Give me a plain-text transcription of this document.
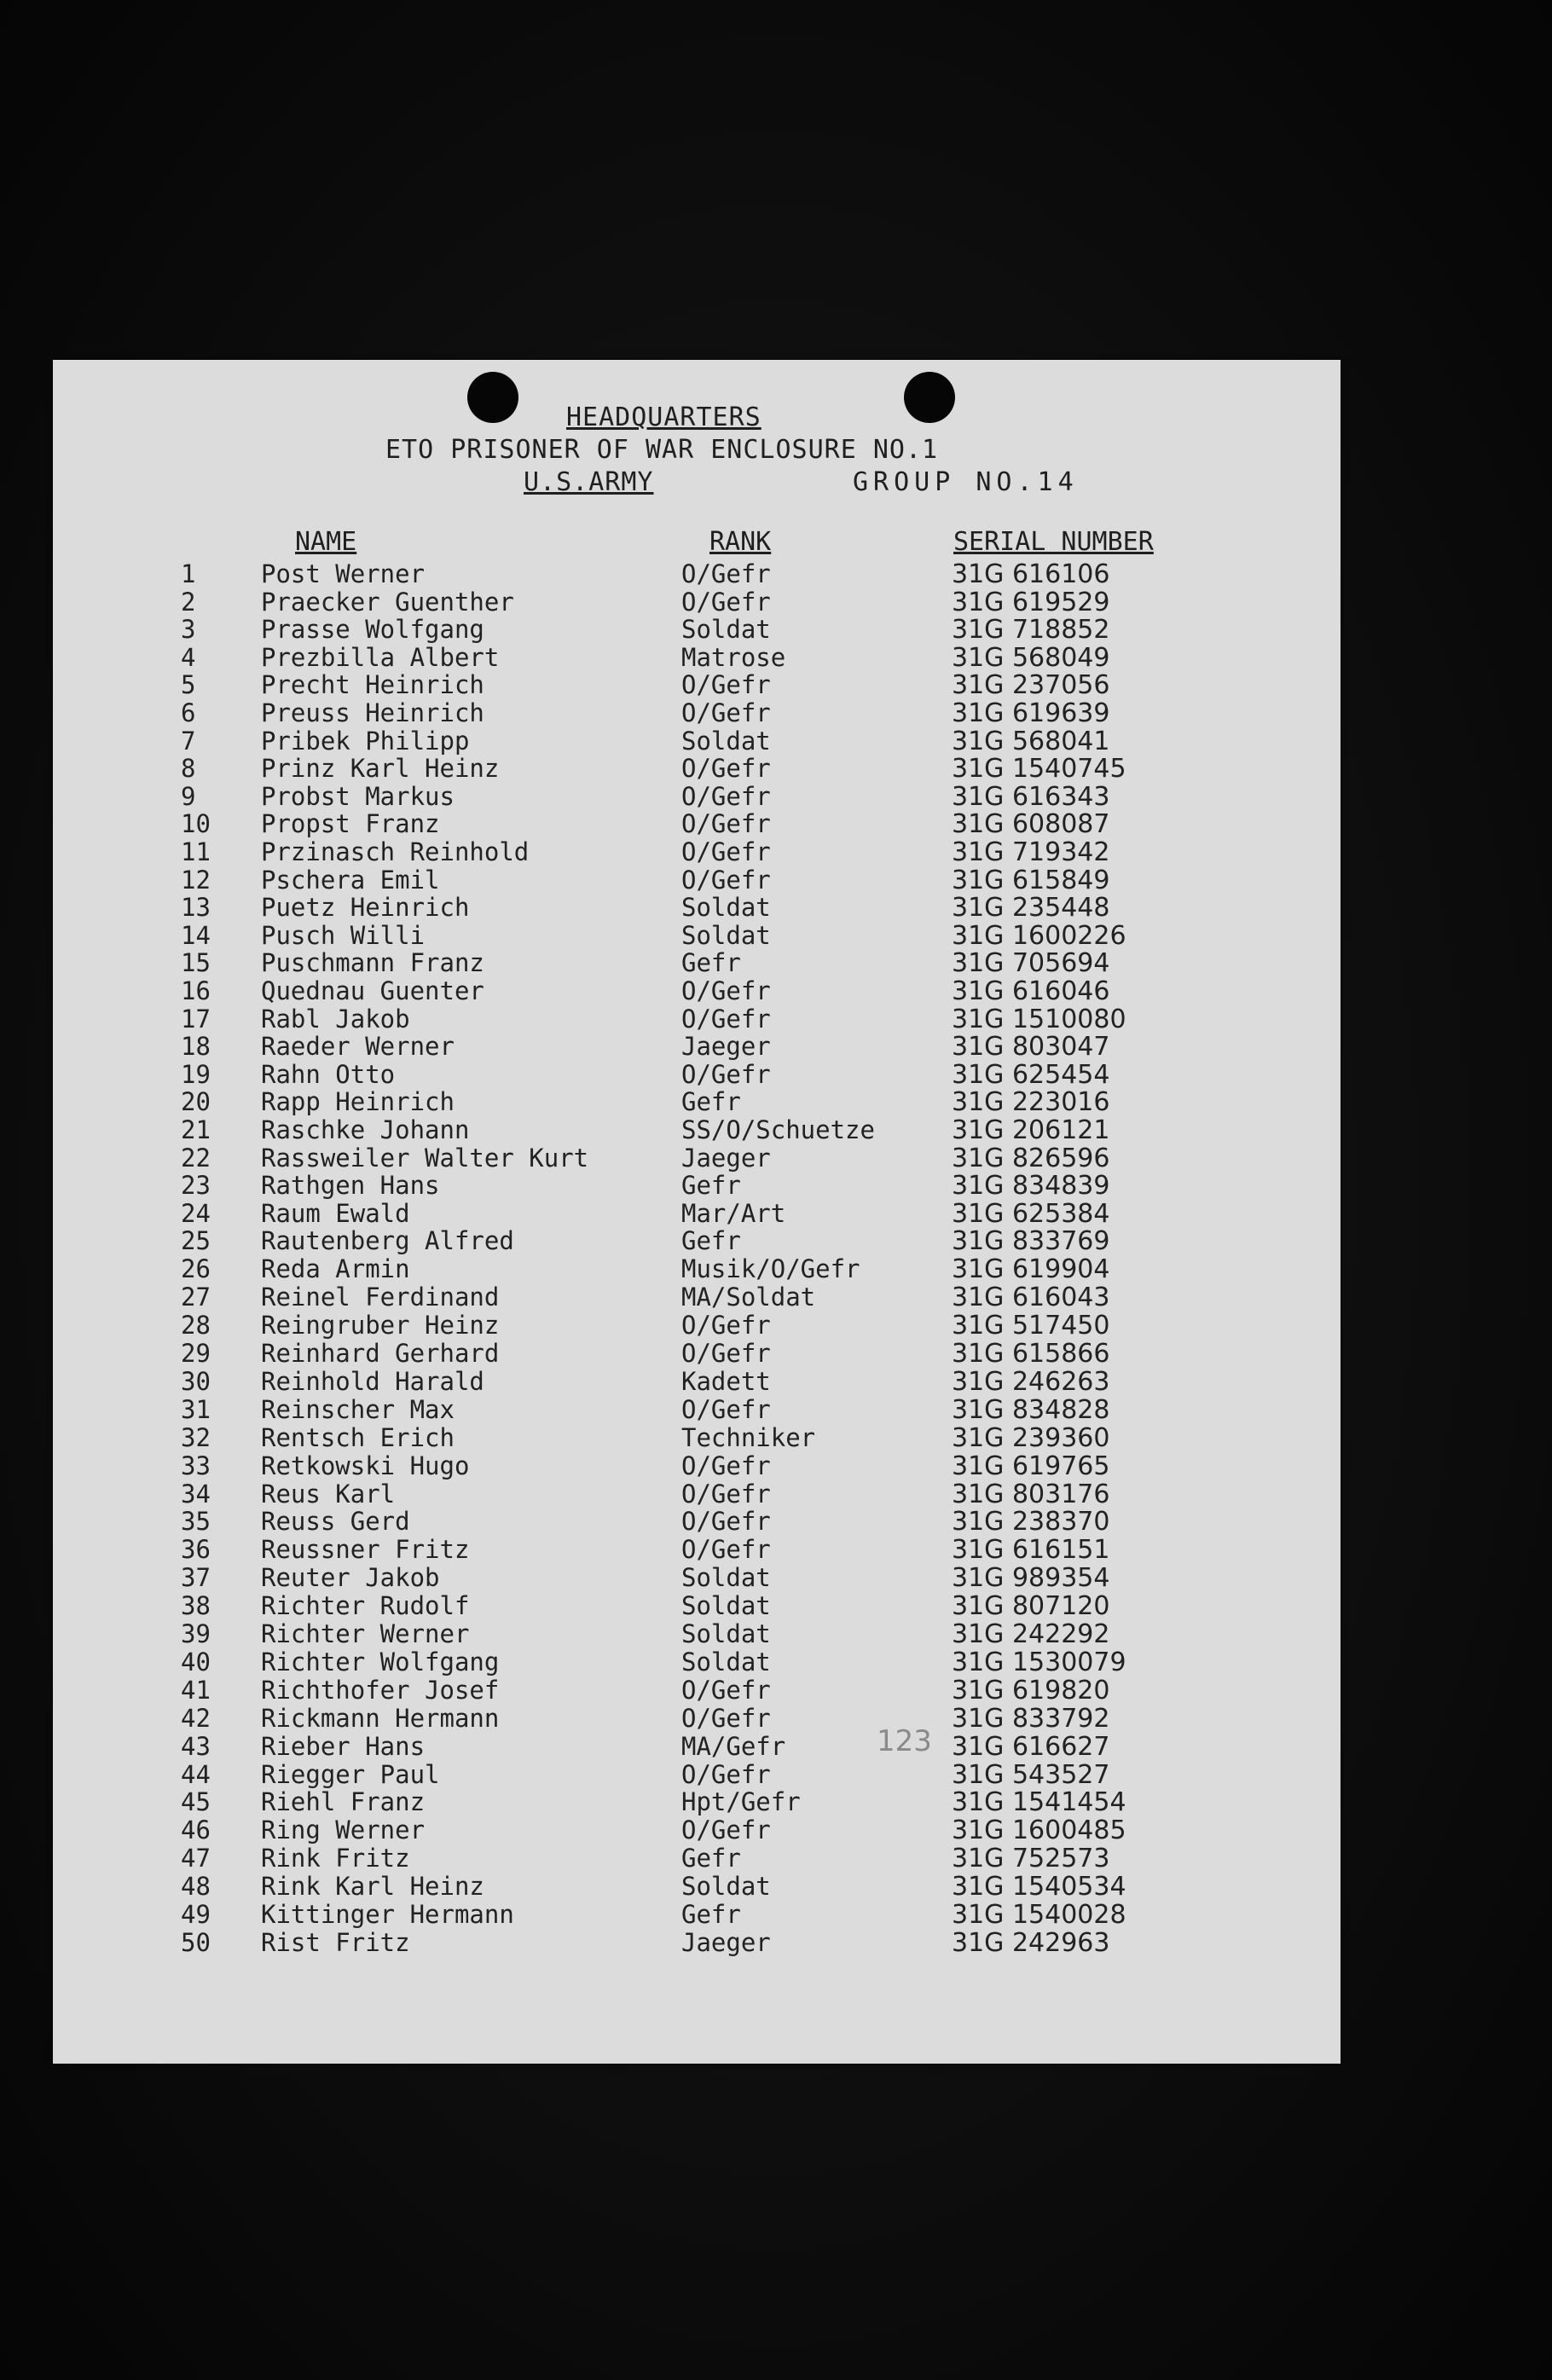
HEADQUARTERS
ETO PRISONER OF WAR ENCLOSURE NO.1
U.S.ARMY	GROUP NO.14
NAME	RANK	SERIAL NUMBER
1	Post Werner	O/Gefr	31G 616106
2	Praecker Guenther	O/Gefr	31G 619529
3	Prasse Wolfgang	Soldat	31G 718852
4	Prezbilla Albert	Matrose	31G 568049
5	Precht Heinrich	O/Gefr	31G 237056
6	Preuss Heinrich	O/Gefr	31G 619639
7	Pribek Philipp	Soldat	31G 568041
8	Prinz Karl Heinz	O/Gefr	31G 1540745
9	Probst Markus	O/Gefr	31G 616343
10	Propst Franz	O/Gefr	31G 608087
11	Przinasch Reinhold	O/Gefr	31G 719342
12	Pschera Emil	O/Gefr	31G 615849
13	Puetz Heinrich	Soldat	31G 235448
14	Pusch Willi	Soldat	31G 1600226
15	Puschmann Franz	Gefr	31G 705694
16	Quednau Guenter	O/Gefr	31G 616046
17	Rabl Jakob	O/Gefr	31G 1510080
18	Raeder Werner	Jaeger	31G 803047
19	Rahn Otto	O/Gefr	31G 625454
20	Rapp Heinrich	Gefr	31G 223016
21	Raschke Johann	SS/O/Schuetze	31G 206121
22	Rassweiler Walter Kurt	Jaeger	31G 826596
23	Rathgen Hans	Gefr	31G 834839
24	Raum Ewald	Mar/Art	31G 625384
25	Rautenberg Alfred	Gefr	31G 833769
26	Reda Armin	Musik/O/Gefr	31G 619904
27	Reinel Ferdinand	MA/Soldat	31G 616043
28	Reingruber Heinz	O/Gefr	31G 517450
29	Reinhard Gerhard	O/Gefr	31G 615866
30	Reinhold Harald	Kadett	31G 246263
31	Reinscher Max	O/Gefr	31G 834828
32	Rentsch Erich	Techniker	31G 239360
33	Retkowski Hugo	O/Gefr	31G 619765
34	Reus Karl	O/Gefr	31G 803176
35	Reuss Gerd	O/Gefr	31G 238370
36	Reussner Fritz	O/Gefr	31G 616151
37	Reuter Jakob	Soldat	31G 989354
38	Richter Rudolf	Soldat	31G 807120
39	Richter Werner	Soldat	31G 242292
40	Richter Wolfgang	Soldat	31G 1530079
41	Richthofer Josef	O/Gefr	31G 619820
42	Rickmann Hermann	O/Gefr	31G 833792
43	Rieber Hans	MA/Gefr	31G 616627
44	Riegger Paul	O/Gefr	31G 543527
45	Riehl Franz	Hpt/Gefr	31G 1541454
46	Ring Werner	O/Gefr	31G 1600485
47	Rink Fritz	Gefr	31G 752573
48	Rink Karl Heinz	Soldat	31G 1540534
49	Kittinger Hermann	Gefr	31G 1540028
50	Rist Fritz	Jaeger	31G 242963
123
